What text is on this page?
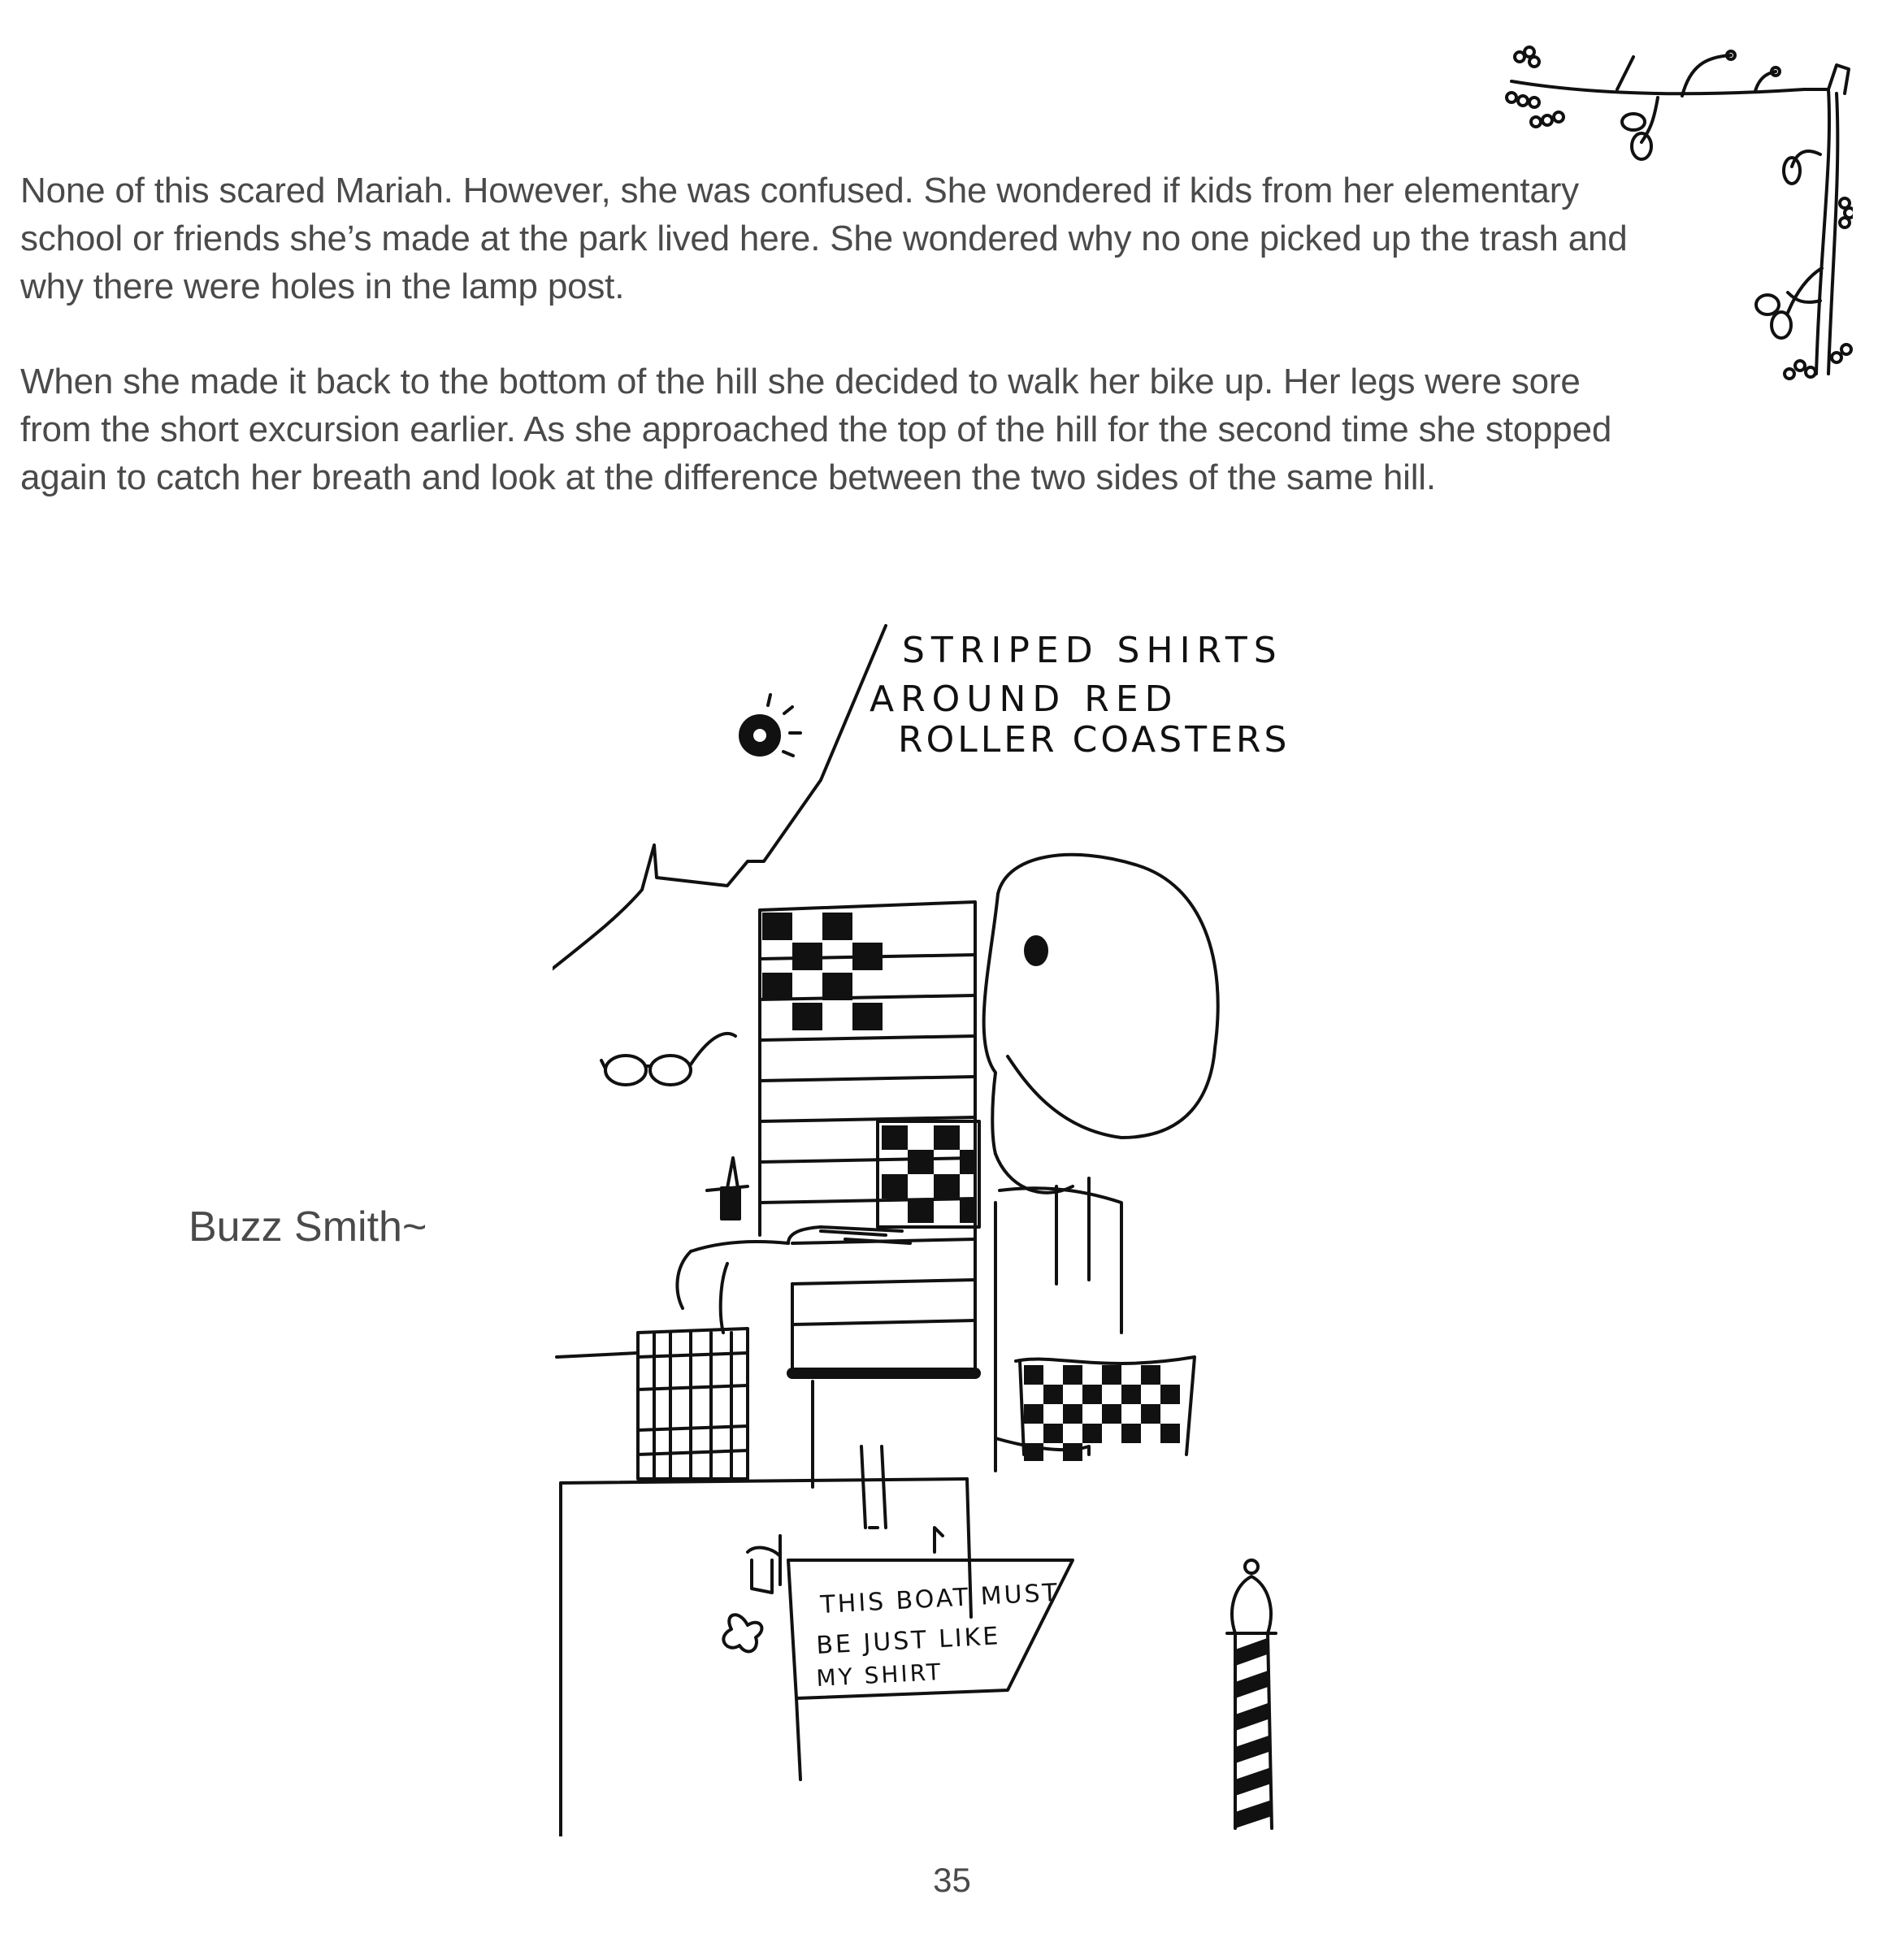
None of this scared Mariah. However, she was confused. She wondered if kids from her elementary school or friends she’s made at the park lived here. She wondered why no one picked up the trash and why there were holes in the lamp post.

When she made it back to the bottom of the hill she decided to walk her bike up. Her legs were sore from the short excursion earlier. As she approached the top of the hill for the second time she stopped again to catch her breath and look at the difference between the two sides of the same hill.

STRIPED SHIRTS
AROUND RED
ROLLER COASTERS
THIS BOAT MUST
BE JUST LIKE
MY SHIRT
Buzz Smith~
35
